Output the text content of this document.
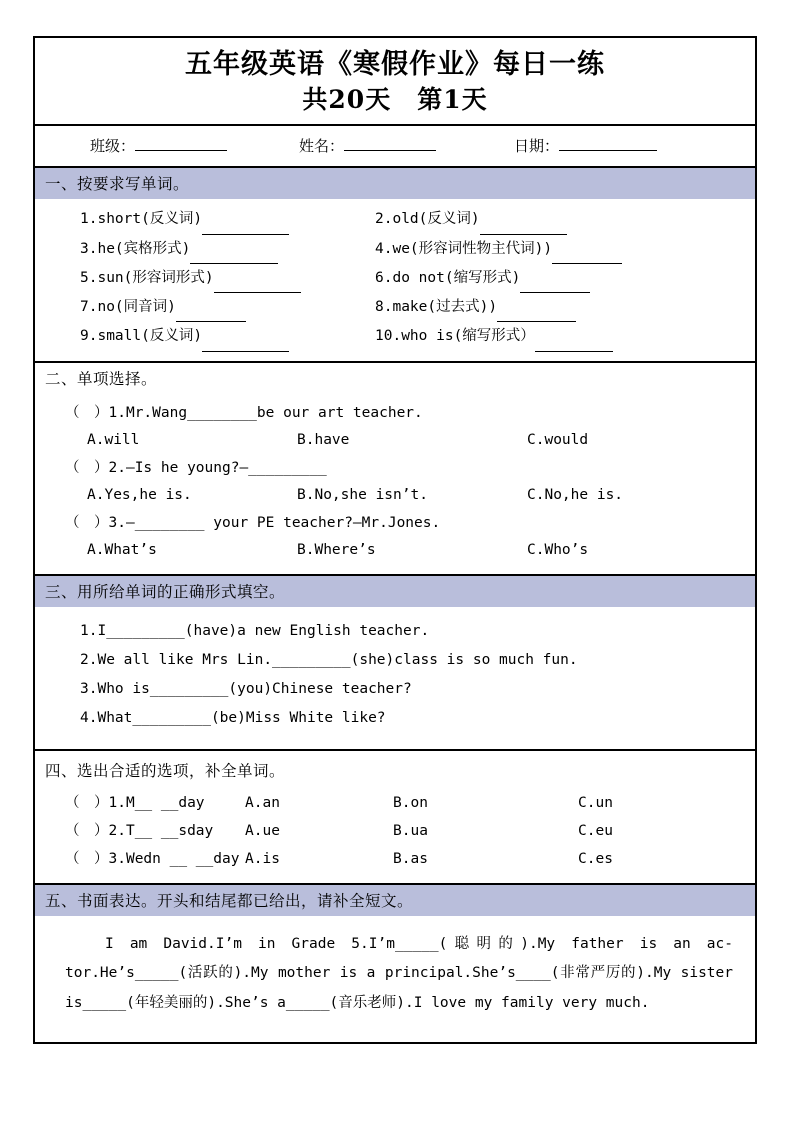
五年级英语《寒假作业》每日一练
共20天　第1天
班级：	姓名：	日期：
一、按要求写单词。
1.short(反义词)	2.old(反义词)
3.he(宾格形式)	4.we(形容词性物主代词))
5.sun(形容词形式)	6.do not(缩写形式)
7.no(同音词)	8.make(过去式))
9.small(反义词)	10.who is(缩写形式）
二、单项选择。
（　）1.Mr.Wang________be our art teacher.
A.will	B.have	C.would
（　）2.—Is he young?—_________
A.Yes,he is.	B.No,she isn’t.	C.No,he is.
（　）3.—________ your PE teacher?—Mr.Jones.
A.What’s	B.Where’s	C.Who’s
三、用所给单词的正确形式填空。
1.I_________(have)a new English teacher.
2.We all like Mrs Lin._________(she)class is so much fun.
3.Who is_________(you)Chinese teacher?
4.What_________(be)Miss White like?
四、选出合适的选项，补全单词。
（　）1.M__ __day	A.an	B.on	C.un
（　）2.T__ __sday	A.ue	B.ua	C.eu
（　）3.Wedn __ __day A.is	B.as	C.es
五、书面表达。开头和结尾都已给出，请补全短文。
I am David.I’m in Grade 5.I’m_____(聪明的).My father is an ac-tor.He’s_____(活跃的).My mother is a principal.She’s____(非常严厉的).My sister is_____(年轻美丽的).She’s a_____(音乐老师).I love my family very much.
